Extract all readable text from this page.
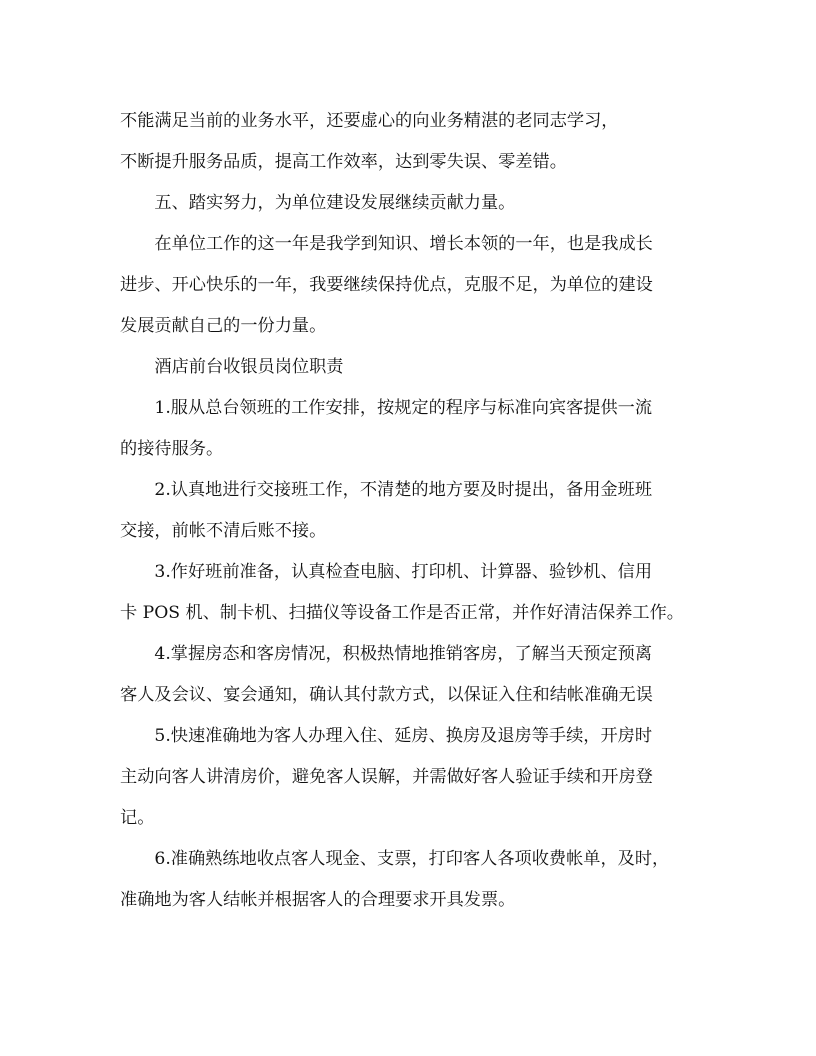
不能满足当前的业务水平，还要虚心的向业务精湛的老同志学习，
不断提升服务品质，提高工作效率，达到零失误、零差错。
五、踏实努力，为单位建设发展继续贡献力量。
在单位工作的这一年是我学到知识、增长本领的一年，也是我成长
进步、开心快乐的一年，我要继续保持优点，克服不足，为单位的建设
发展贡献自己的一份力量。
酒店前台收银员岗位职责
1.服从总台领班的工作安排，按规定的程序与标准向宾客提供一流
的接待服务。
2.认真地进行交接班工作，不清楚的地方要及时提出，备用金班班
交接，前帐不清后账不接。
3.作好班前准备，认真检查电脑、打印机、计算器、验钞机、信用
卡 POS 机、制卡机、扫描仪等设备工作是否正常，并作好清洁保养工作。
4.掌握房态和客房情况，积极热情地推销客房，了解当天预定预离
客人及会议、宴会通知，确认其付款方式，以保证入住和结帐准确无误
5.快速准确地为客人办理入住、延房、换房及退房等手续，开房时
主动向客人讲清房价，避免客人误解，并需做好客人验证手续和开房登
记。
6.准确熟练地收点客人现金、支票，打印客人各项收费帐单，及时，
准确地为客人结帐并根据客人的合理要求开具发票。
